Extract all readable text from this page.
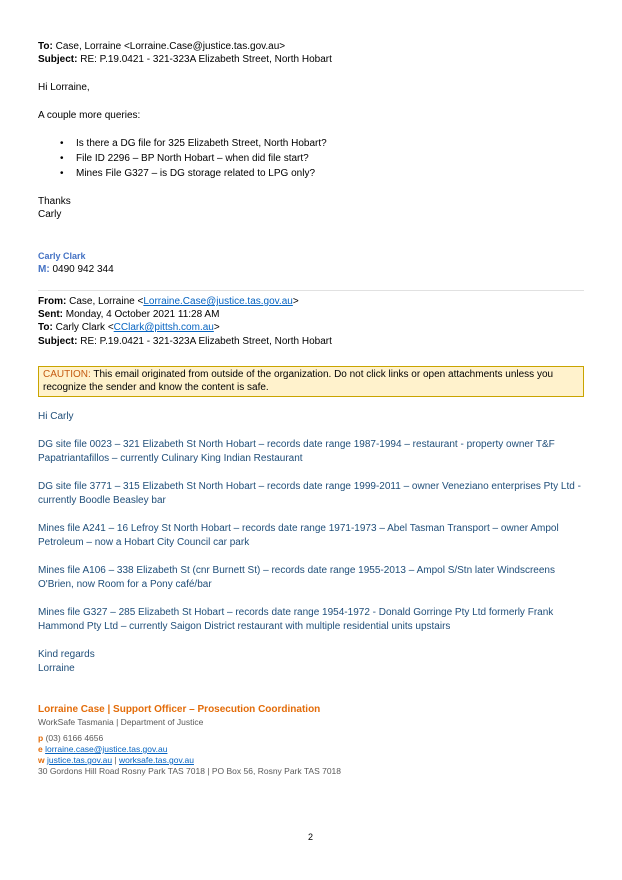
To: Case, Lorraine <Lorraine.Case@justice.tas.gov.au>
Subject: RE: P.19.0421 - 321-323A Elizabeth Street, North Hobart
Hi Lorraine,
A couple more queries:
• Is there a DG file for 325 Elizabeth Street, North Hobart?
• File ID 2296 – BP North Hobart – when did file start?
• Mines File G327 – is DG storage related to LPG only?
Thanks
Carly
Carly Clark
M: 0490 942 344
From: Case, Lorraine <Lorraine.Case@justice.tas.gov.au>
Sent: Monday, 4 October 2021 11:28 AM
To: Carly Clark <CClark@pittsh.com.au>
Subject: RE: P.19.0421 - 321-323A Elizabeth Street, North Hobart
CAUTION: This email originated from outside of the organization. Do not click links or open attachments unless you recognize the sender and know the content is safe.
Hi Carly
DG site file 0023 – 321 Elizabeth St North Hobart – records date range 1987-1994 – restaurant - property owner T&F Papatriantafillos – currently Culinary King Indian Restaurant
DG site file 3771 – 315 Elizabeth St North Hobart – records date range 1999-2011 – owner Veneziano enterprises Pty Ltd - currently Boodle Beasley bar
Mines file A241 – 16 Lefroy St North Hobart – records date range 1971-1973 – Abel Tasman Transport – owner Ampol Petroleum – now a Hobart City Council car park
Mines file A106 – 338 Elizabeth St (cnr Burnett St) – records date range 1955-2013 – Ampol S/Stn later Windscreens O'Brien, now Room for a Pony café/bar
Mines file G327 – 285 Elizabeth St Hobart – records date range 1954-1972 - Donald Gorringe Pty Ltd formerly Frank Hammond Pty Ltd – currently Saigon District restaurant with multiple residential units upstairs
Kind regards
Lorraine
Lorraine Case | Support Officer – Prosecution Coordination
WorkSafe Tasmania | Department of Justice
p (03) 6166 4656
e lorraine.case@justice.tas.gov.au
w justice.tas.gov.au | worksafe.tas.gov.au
30 Gordons Hill Road Rosny Park TAS 7018 | PO Box 56, Rosny Park TAS 7018
2
